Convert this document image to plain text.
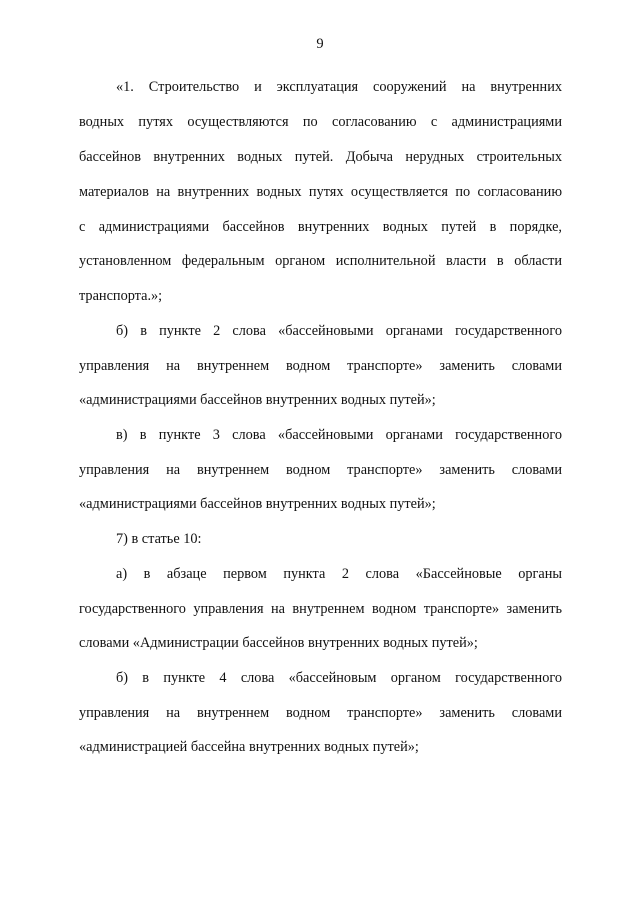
9
«1. Строительство и эксплуатация сооружений на внутренних
водных путях осуществляются по согласованию с администрациями
бассейнов внутренних водных путей. Добыча нерудных строительных
материалов на внутренних водных путях осуществляется по согласованию
с администрациями бассейнов внутренних водных путей в порядке,
установленном федеральным органом исполнительной власти в области
транспорта.»;
б) в пункте 2 слова «бассейновыми органами государственного
управления на внутреннем водном транспорте» заменить словами
«администрациями бассейнов внутренних водных путей»;
в) в пункте 3 слова «бассейновыми органами государственного
управления на внутреннем водном транспорте» заменить словами
«администрациями бассейнов внутренних водных путей»;
7) в статье 10:
а) в абзаце первом пункта 2 слова «Бассейновые органы
государственного управления на внутреннем водном транспорте» заменить
словами «Администрации бассейнов внутренних водных путей»;
б) в пункте 4 слова «бассейновым органом государственного
управления на внутреннем водном транспорте» заменить словами
«администрацией бассейна внутренних водных путей»;
